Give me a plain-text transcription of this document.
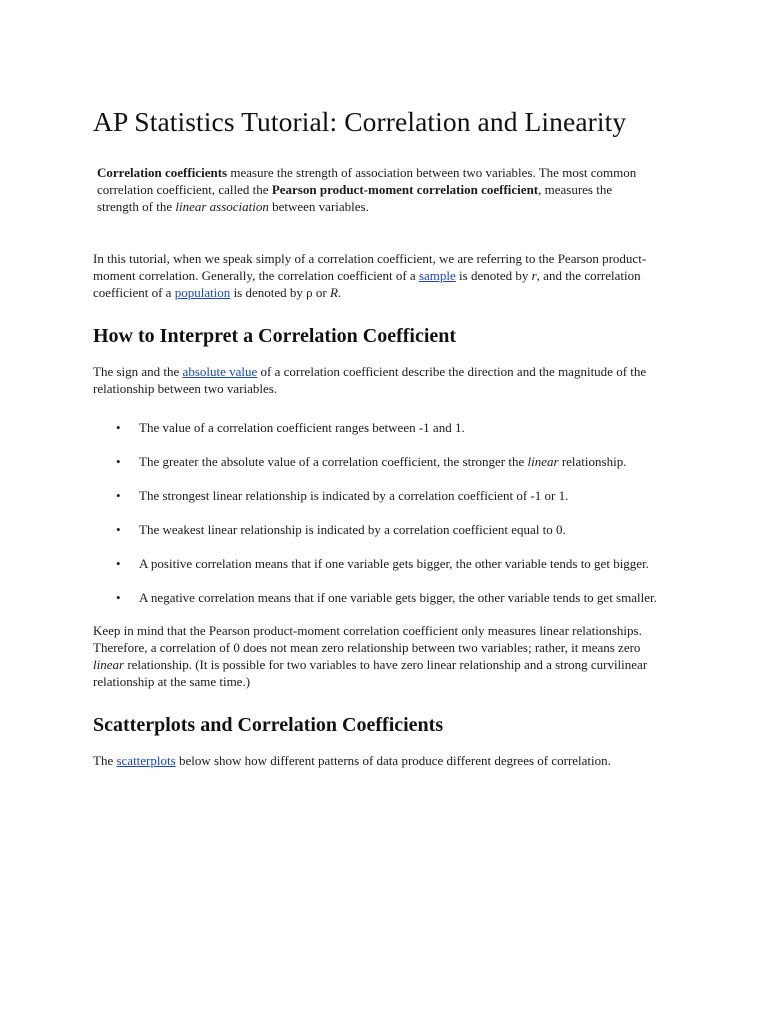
AP Statistics Tutorial: Correlation and Linearity

Correlation coefficients measure the strength of association between two variables. The most common correlation coefficient, called the Pearson product-moment correlation coefficient, measures the strength of the linear association between variables.

In this tutorial, when we speak simply of a correlation coefficient, we are referring to the Pearson product-moment correlation. Generally, the correlation coefficient of a sample is denoted by r, and the correlation coefficient of a population is denoted by ρ or R.

How to Interpret a Correlation Coefficient

The sign and the absolute value of a correlation coefficient describe the direction and the magnitude of the relationship between two variables.

• The value of a correlation coefficient ranges between -1 and 1.
• The greater the absolute value of a correlation coefficient, the stronger the linear relationship.
• The strongest linear relationship is indicated by a correlation coefficient of -1 or 1.
• The weakest linear relationship is indicated by a correlation coefficient equal to 0.
• A positive correlation means that if one variable gets bigger, the other variable tends to get bigger.
• A negative correlation means that if one variable gets bigger, the other variable tends to get smaller.

Keep in mind that the Pearson product-moment correlation coefficient only measures linear relationships. Therefore, a correlation of 0 does not mean zero relationship between two variables; rather, it means zero linear relationship. (It is possible for two variables to have zero linear relationship and a strong curvilinear relationship at the same time.)

Scatterplots and Correlation Coefficients

The scatterplots below show how different patterns of data produce different degrees of correlation.
